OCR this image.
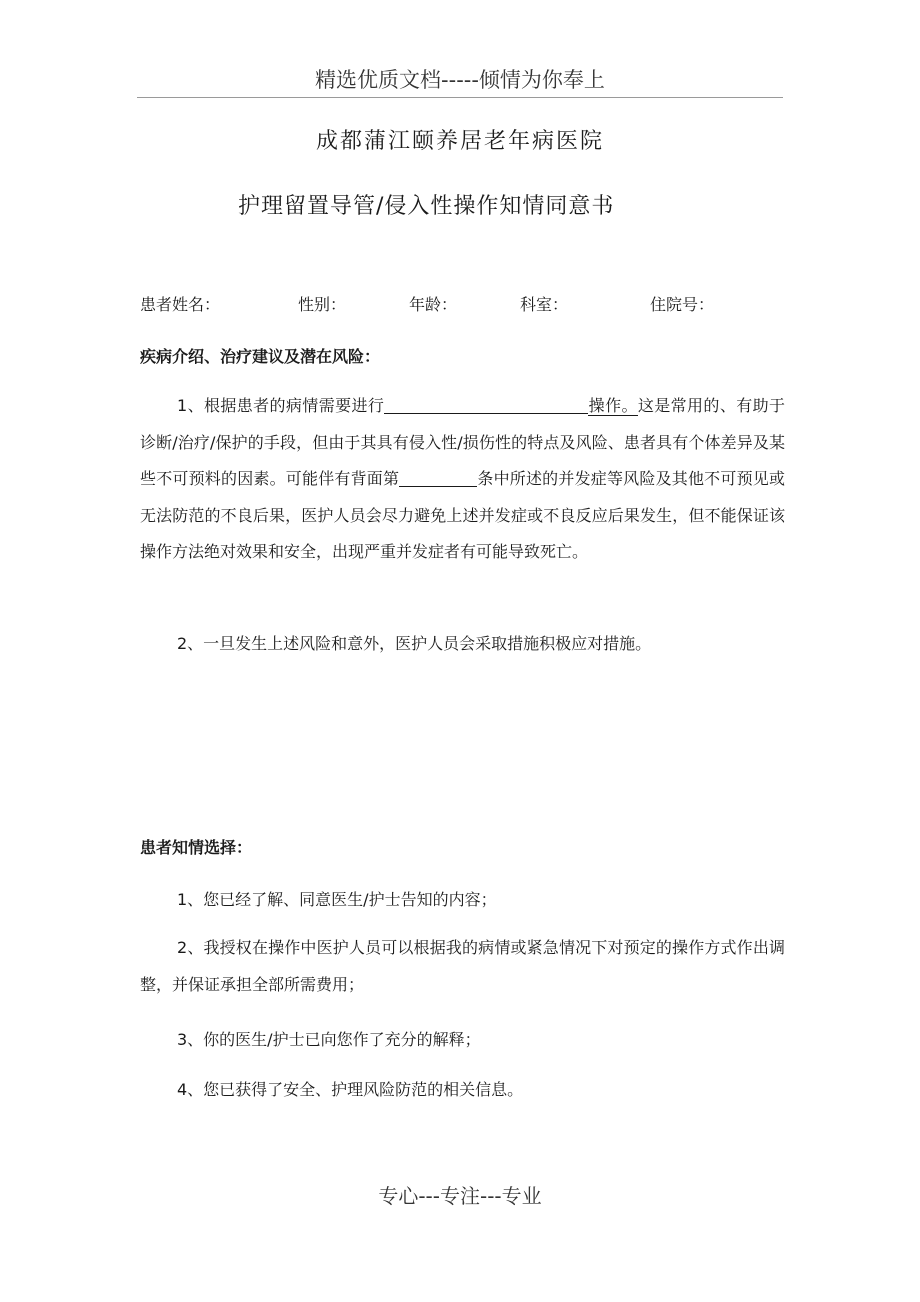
精选优质文档-----倾情为你奉上
成都蒲江颐养居老年病医院
护理留置导管/侵入性操作知情同意书
患者姓名：	性别：	年龄：	科室：	住院号：
疾病介绍、治疗建议及潜在风险：
1、根据患者的病情需要进行	操作。这是常用的、有助于诊断/治疗/保护的手段，但由于其具有侵入性/损伤性的特点及风险、患者具有个体差异及某些不可预料的因素。可能伴有背面第	条中所述的并发症等风险及其他不可预见或无法防范的不良后果，医护人员会尽力避免上述并发症或不良反应后果发生，但不能保证该操作方法绝对效果和安全，出现严重并发症者有可能导致死亡。
2、一旦发生上述风险和意外，医护人员会采取措施积极应对措施。
患者知情选择：
1、您已经了解、同意医生/护士告知的内容；
2、我授权在操作中医护人员可以根据我的病情或紧急情况下对预定的操作方式作出调整，并保证承担全部所需费用；
3、你的医生/护士已向您作了充分的解释；
4、您已获得了安全、护理风险防范的相关信息。
专心---专注---专业
